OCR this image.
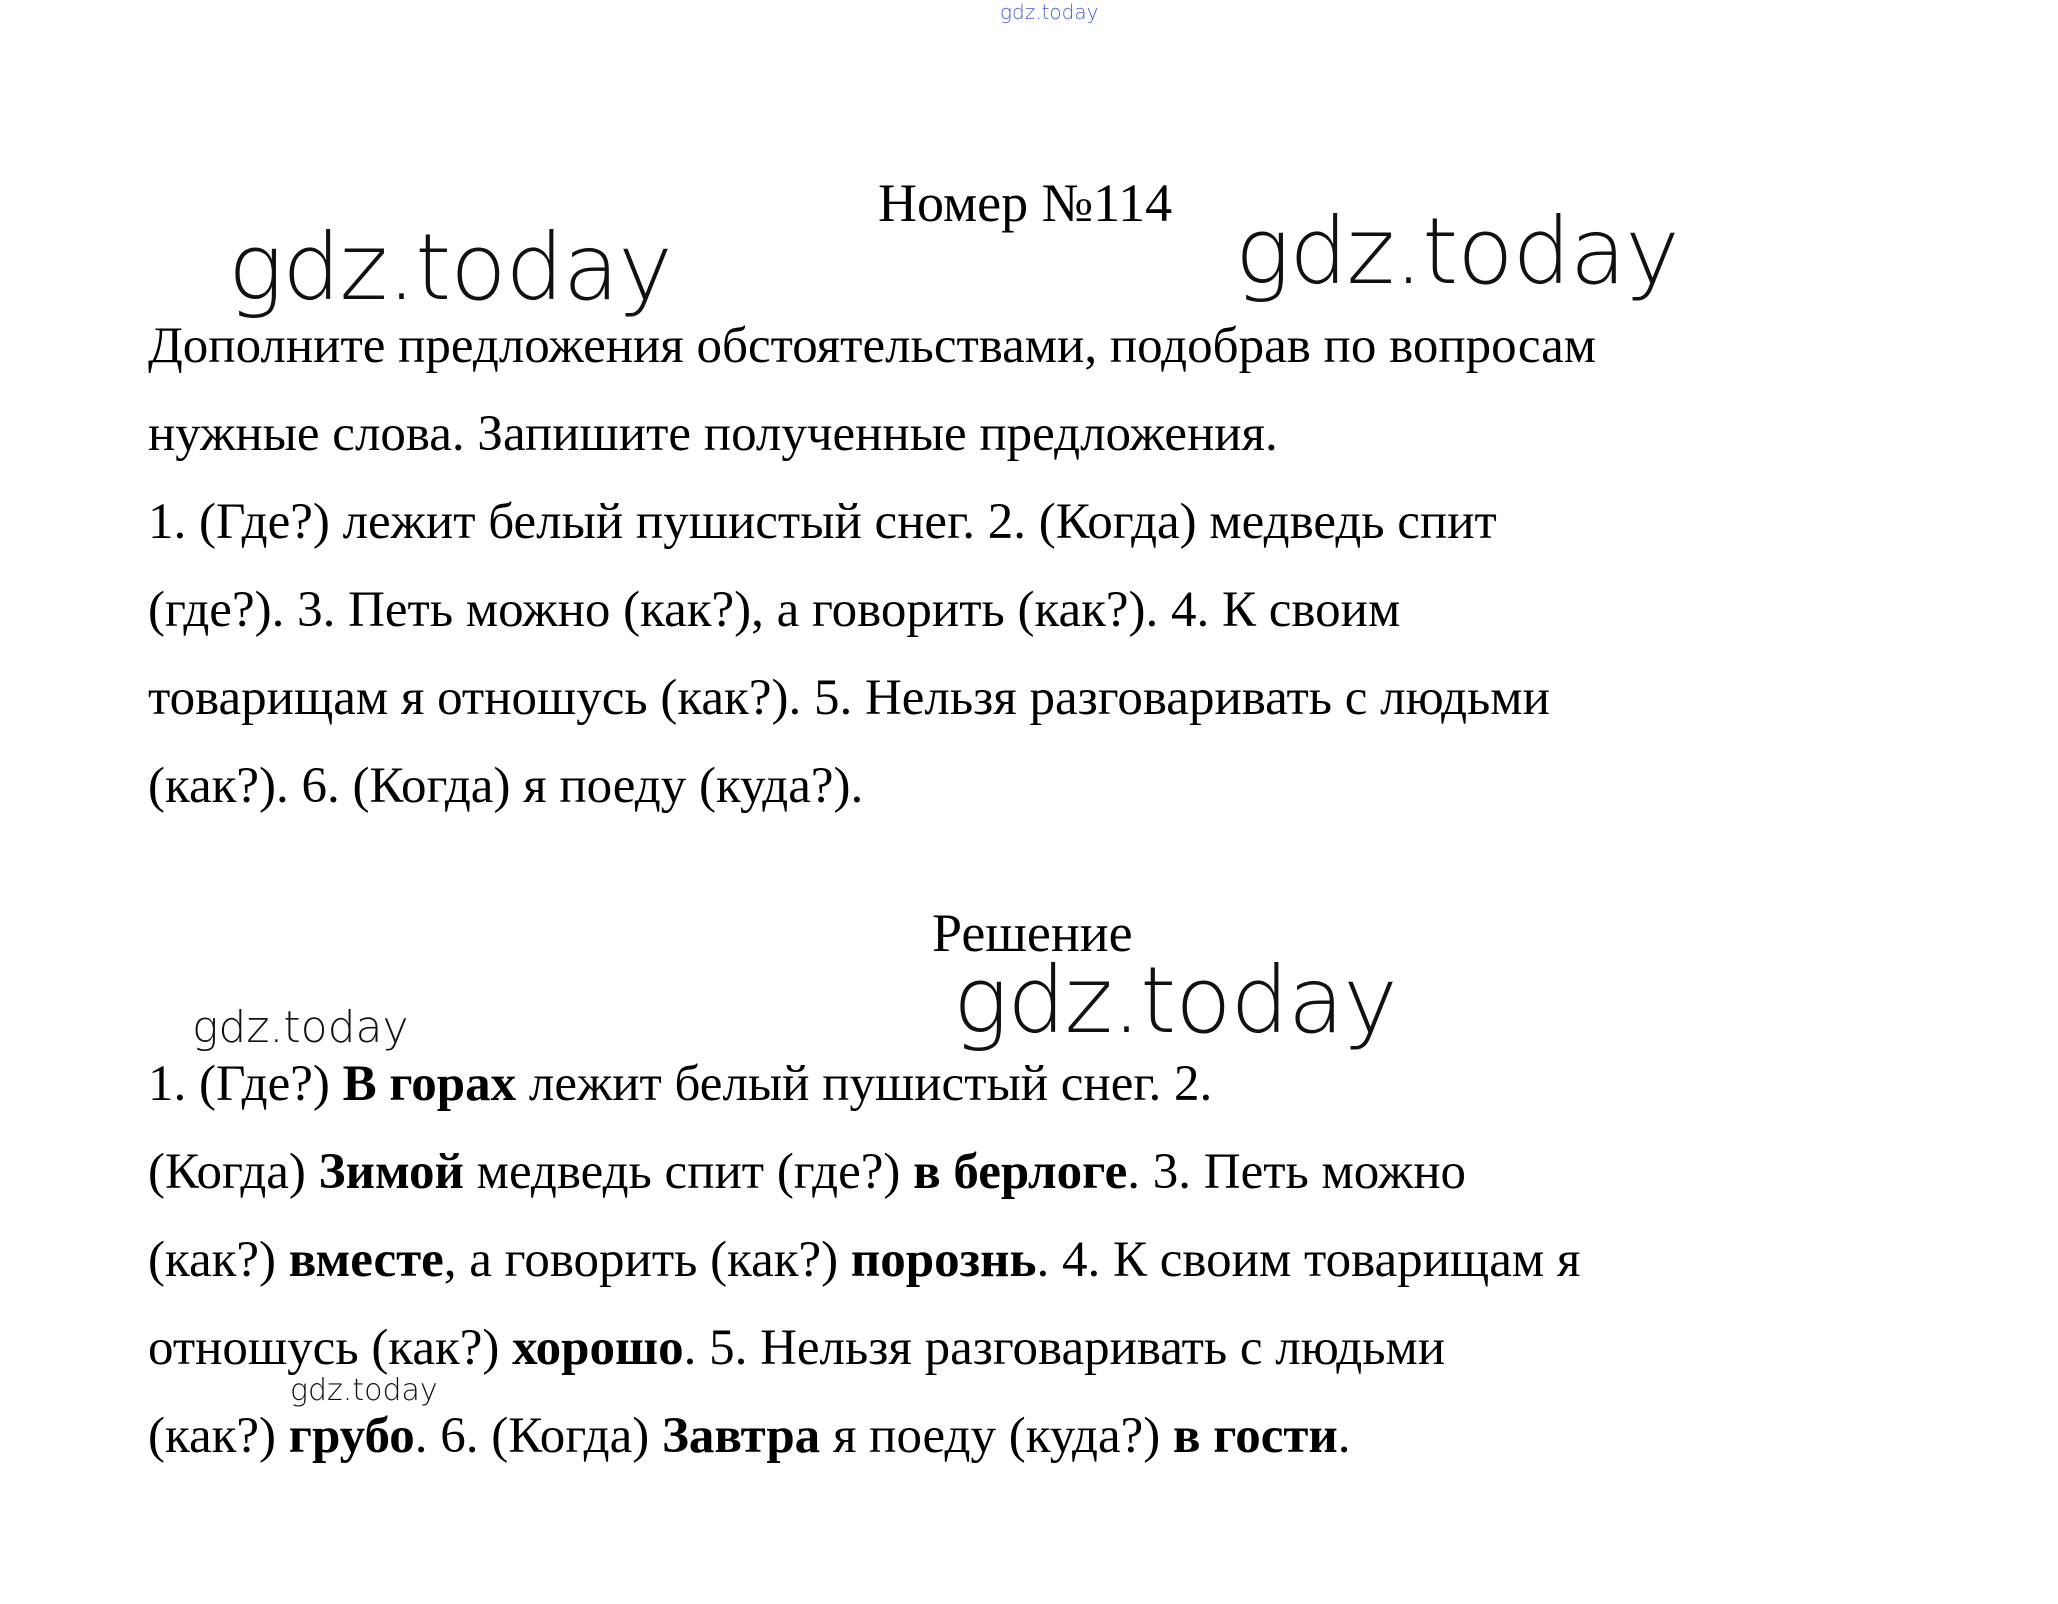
gdz.today
Номер №114
gdz.today	gdz.today
Дополните предложения обстоятельствами, подобрав по вопросам
нужные слова. Запишите полученные предложения.
1. (Где?) лежит белый пушистый снег. 2. (Когда) медведь спит
(где?). 3. Петь можно (как?), а говорить (как?). 4. К своим
товарищам я отношусь (как?). 5. Нельзя разговаривать с людьми
(как?). 6. (Когда) я поеду (куда?).
Решение
gdz.today
gdz.today
1. (Где?) В горах лежит белый пушистый снег. 2.
(Когда) Зимой медведь спит (где?) в берлоге. 3. Петь можно
(как?) вместе, а говорить (как?) порознь. 4. К своим товарищам я
отношусь (как?) хорошо. 5. Нельзя разговаривать с людьми
(как?) грубо. 6. (Когда) Завтра я поеду (куда?) в гости.
gdz.today
